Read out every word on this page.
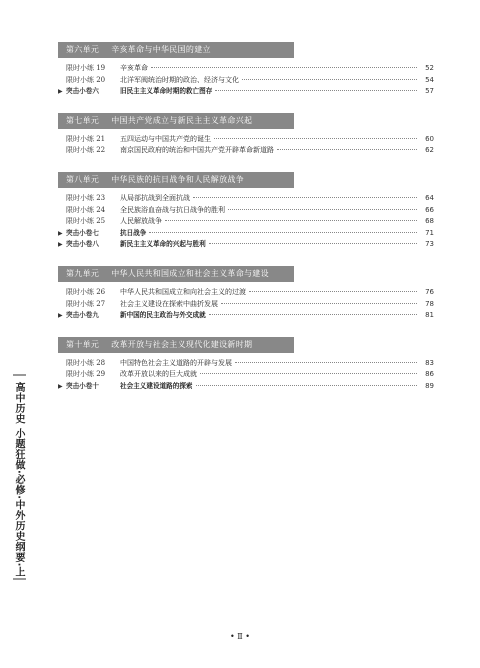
第六单元 辛亥革命与中华民国的建立
限时小练 19	辛亥革命	52
限时小练 20	北洋军阀统治时期的政治、经济与文化	54
▶ 突击小卷六	旧民主主义革命时期的救亡图存	57
第七单元 中国共产党成立与新民主主义革命兴起
限时小练 21	五四运动与中国共产党的诞生	60
限时小练 22	南京国民政府的统治和中国共产党开辟革命新道路	62
第八单元 中华民族的抗日战争和人民解放战争
限时小练 23	从局部抗战到全面抗战	64
限时小练 24	全民族浴血奋战与抗日战争的胜利	66
限时小练 25	人民解放战争	68
▶ 突击小卷七	抗日战争	71
▶ 突击小卷八	新民主主义革命的兴起与胜利	73
第九单元 中华人民共和国成立和社会主义革命与建设
限时小练 26	中华人民共和国成立和向社会主义的过渡	76
限时小练 27	社会主义建设在探索中曲折发展	78
▶ 突击小卷九	新中国的民主政治与外交成就	81
第十单元 改革开放与社会主义现代化建设新时期
限时小练 28	中国特色社会主义道路的开辟与发展	83
限时小练 29	改革开放以来的巨大成就	86
▶ 突击小卷十	社会主义建设道路的探索	89
高中历史 小题狂做·必修·中外历史纲要·上
• Ⅱ •
